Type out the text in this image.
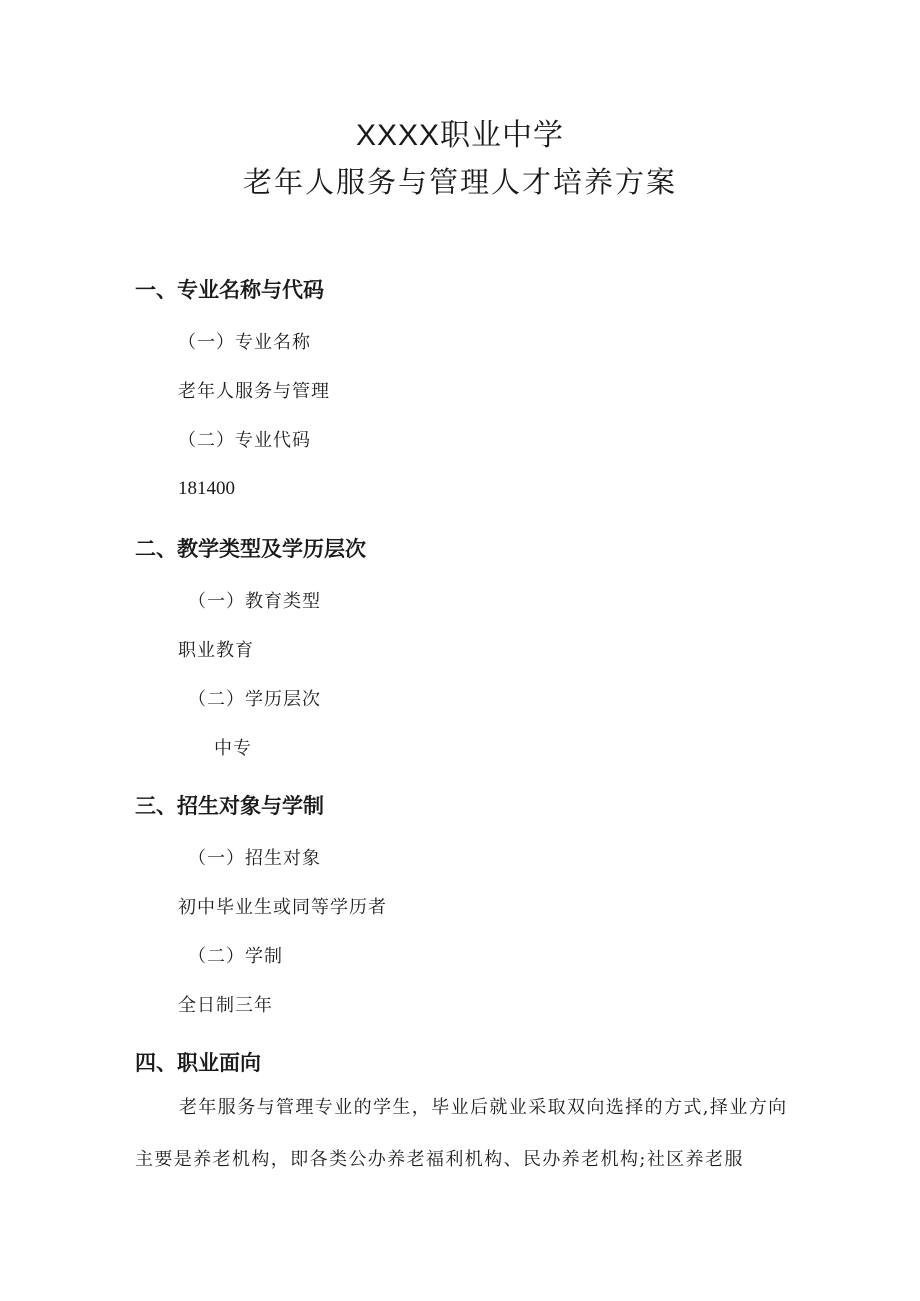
XXXX职业中学
老年人服务与管理人才培养方案
一、专业名称与代码
（一）专业名称
老年人服务与管理
（二）专业代码
181400
二、教学类型及学历层次
（一）教育类型
职业教育
（二）学历层次
中专
三、招生对象与学制
（一）招生对象
初中毕业生或同等学历者
（二）学制
全日制三年
四、职业面向
老年服务与管理专业的学生，毕业后就业采取双向选择的方式,择业方向主要是养老机构，即各类公办养老福利机构、民办养老机构;社区养老服
